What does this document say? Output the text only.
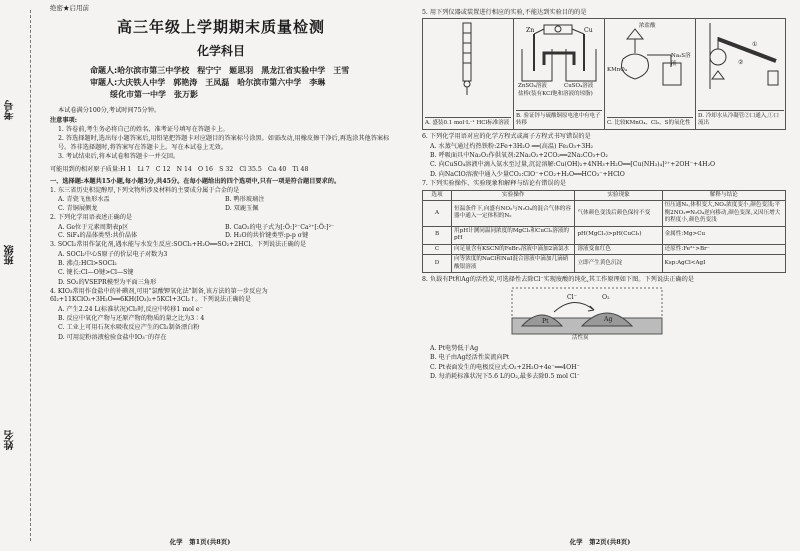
考号
班级
姓名
绝密★启用前
高三年级上学期期末质量检测
化学科目
命题人:哈尔滨市第三中学校　程宁宁　姬思羽　黑龙江省实验中学　王雪
审题人:大庆铁人中学　郭艳涛　王凤磊　哈尔滨市第六中学　李琳
绥化市第一中学　张万影
本试卷满分100分,考试时间75分钟。
注意事项:
1. 答卷前,考生务必将自己的姓名、准考证号填写在答题卡上。
2. 答选择题时,选出每小题答案后,用铅笔把答题卡对应题目的答案标号涂黑。如需改动,用橡皮擦干净后,再选涂其他答案标号。答非选择题时,将答案写在答题卡上。写在本试卷上无效。
3. 考试结束后,将本试卷和答题卡一并交回。
可能用到的相对原子质量:H 1　Li 7　C 12　N 14　O 16　S 32　Cl 35.5　Ca 40　Ti 48
一、选择题:本题共15小题,每小题3分,共45分。在每小题给出的四个选项中,只有一项是符合题目要求的。
1. 东三省历史积淀醇厚,下列文物所涉及材料的主要成分属于合金的是
A. 青瓷飞鱼形水盂	B. 鸭形玻璃注
C. 青铜展侧龙	D. 双鹿玉佩
2. 下列化学用语表述正确的是
A. Ge位于元素周期表p区	B. CaO₂的电子式为[:Ö:]²⁻Ca²⁺[:Ö:]²⁻
C. SiF₄的晶体类型:共价晶体	D. H₂O的共价键类型:p-p σ键
3. SOCl₂常用作氯化剂,遇水能与水发生反应:SOCl₂+H₂O══SO₂+2HCl。下列说法正确的是
A. SOCl₂中心S原子的价层电子对数为3
B. 沸点:HCl>SOCl₂
C. 键长:Cl—O键>Cl—S键
D. SO₂的VSEPR模型为平面三角形
4. KIO₃常用作食盐中的补碘剂,可用"氯酸钾氧化法"制备,该方法的第一步反应为6I₂+11KClO₃+3H₂O══6KH(IO₃)₂+5KCl+3Cl₂↑。下列说法正确的是
A. 产生2.24 L(标准状况)Cl₂时,反应中转移1 mol e⁻
B. 反应中氧化产物与还原产物的物质的量之比为3∶4
C. 工业上可用石灰水吸收反应产生的Cl₂制备漂白粉
D. 可用淀粉溶液检验食盐中IO₃⁻的存在
化学　第1页(共8页)
5. 用下列仪器或装置进行相应的实验,不能达到实验目的的是
A. 盛装0.1 mol·L⁻¹ HCl标准溶液
Zn	Cu
ZnSO₄溶液	CuSO₄溶液
盐桥(装有KCl饱和溶液的琼脂)
B. 验证锌与硫酸铜原电池中有电子转移
浓盐酸
KMnO₄
Na₂S溶液
C. 比较KMnO₄、Cl₂、S的氧化性
①
②
D. 冷却水从冷凝管②口通入,①口流出
6. 下列化学用语对应的化学方程式或离子方程式书写错误的是
A. 水蒸气通过灼热铁粉:2Fe+3H₂O ══(高温) Fe₂O₃+3H₂
B. 呼吸面具中Na₂O₂作供氧剂:2Na₂O₂+2CO₂══2Na₂CO₃+O₂
C. 向CuSO₄溶液中滴入氨水至过量,沉淀溶解:Cu(OH)₂+4NH₃+H₂O══[Cu(NH₃)₄]²⁺+2OH⁻+4H₂O
D. 向NaClO溶液中通入少量CO₂:ClO⁻+CO₂+H₂O══HCO₃⁻+HClO
7. 下列实验操作、实验现象和解释与结论有错误的是
选项	实验操作	实验现象	解释与结论
A	恒温条件下,向盛有NO₂与N₂O₄的混合气体的容器中通入一定体积的N₂	气体颜色变浅后颜色保持不变	恒压通N₂,体积变大,NO₂浓度变小,颜色变浅;平衡2NO₂⇌N₂O₄逆向移动,颜色变深,又因压增大的程度小,颜色仍变浅
B	用pH计测同温同浓度的MgCl₂和CuCl₂溶液的pH	pH(MgCl₂)>pH(CuCl₂)	金属性:Mg>Cu
C	向足量含有KSCN的FeBr₂溶液中滴加2滴氯水	溶液变血红色	还原性:Fe²⁺>Br⁻
D	向等浓度的NaCl和NaI混合溶液中滴加几滴硝酸银溶液	立即产生黄色沉淀	Ksp:AgCl<AgI
8. 负载有Pt和Ag的活性炭,可选择性去除Cl⁻实现废酸的纯化,其工作原理如下图。下列说法正确的是
Cl⁻	O₂
Pt	Ag
活性炭
A. Pt电势低于Ag
B. 电子由Ag经活性炭流向Pt
C. Pt表面发生的电极反应式:O₂+2H₂O+4e⁻══4OH⁻
D. 每消耗标准状况下5.6 L的O₂,最多去除0.5 mol Cl⁻
化学　第2页(共8页)
